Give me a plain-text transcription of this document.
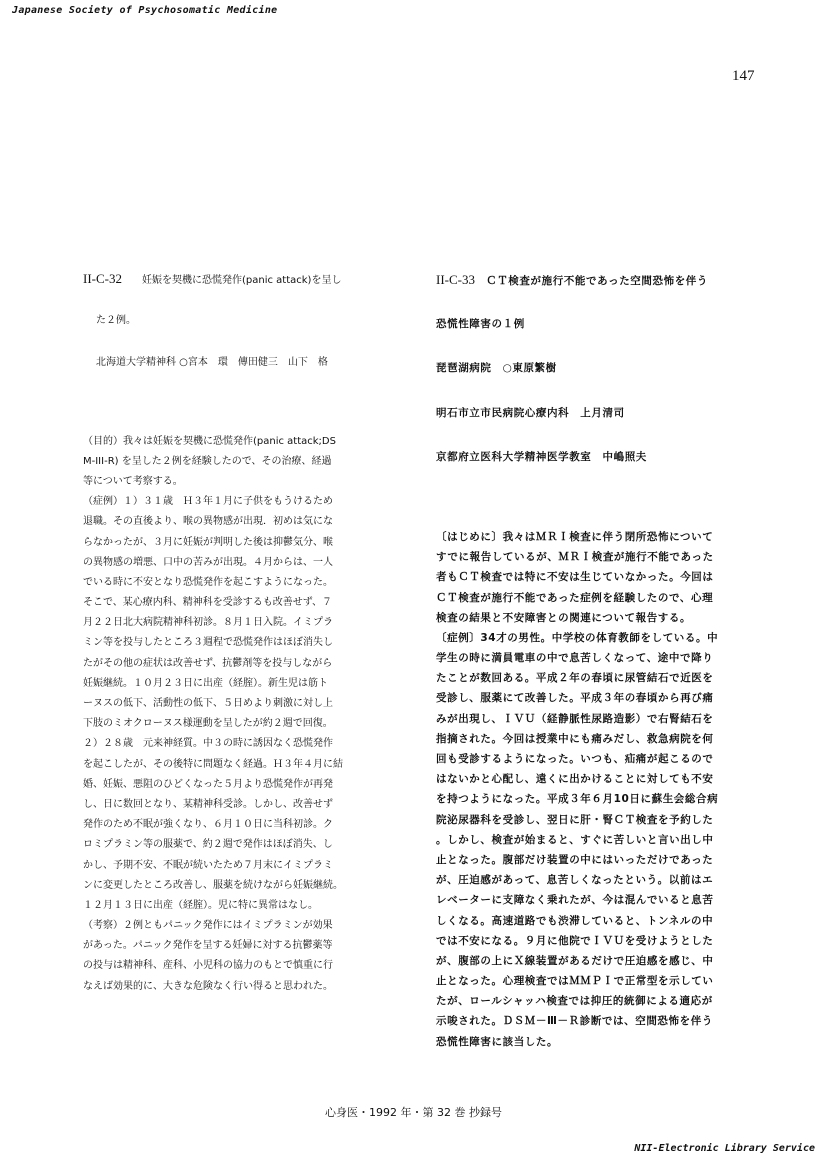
Japanese Society of Psychosomatic Medicine
147

II-C-32　　 妊娠を契機に恐慌発作(panic attack)を呈し

た２例。

北海道大学精神科 ○宮本　環　傳田健三　山下　格

（目的）我々は妊娠を契機に恐慌発作(panic attack;DS
M-III-R) を呈した２例を経験したので、その治療、経過
等について考察する。
（症例）１）３１歳　Ｈ３年１月に子供をもうけるため
退職。その直後より、喉の異物感が出現．初めは気にな
らなかったが、３月に妊娠が判明した後は抑鬱気分、喉
の異物感の増悪、口中の苦みが出現。４月からは、一人
でいる時に不安となり恐慌発作を起こすようになった。
そこで、某心療内科、精神科を受診するも改善せず、７
月２２日北大病院精神科初診。８月１日入院。イミプラ
ミン等を投与したところ３週程で恐慌発作はほぼ消失し
たがその他の症状は改善せず、抗鬱剤等を投与しながら
妊娠継続。１０月２３日に出産（経腟）。新生児は筋ト
ーヌスの低下、活動性の低下、５日めより刺激に対し上
下肢のミオクローヌス様運動を呈したが約２週で回復。
２）２８歳　元来神経質。中３の時に誘因なく恐慌発作
を起こしたが、その後特に問題なく経過。Ｈ３年４月に結
婚、妊娠、悪阻のひどくなった５月より恐慌発作が再発
し、日に数回となり、某精神科受診。しかし、改善せず
発作のため不眠が強くなり、６月１０日に当科初診。ク
ロミプラミン等の服薬で、約２週で発作はほぼ消失、し
かし、予期不安、不眠が続いたため７月末にイミプラミ
ンに変更したところ改善し、服薬を続けながら妊娠継続。
１２月１３日に出産（経腟）。児に特に異常はなし。
（考察）２例ともパニック発作にはイミプラミンが効果
があった。パニック発作を呈する妊婦に対する抗鬱薬等
の投与は精神科、産科、小児科の協力のもとで慎重に行
なえば効果的に、大きな危険なく行い得ると思われた。

II-C-33　 ＣＴ検査が施行不能であった空間恐怖を伴う

恐慌性障害の１例

琵琶湖病院　○東原繁樹

明石市立市民病院心療内科　上月清司

京都府立医科大学精神医学教室　中嶋照夫

〔はじめに〕我々はＭＲＩ検査に伴う閉所恐怖について
すでに報告しているが、ＭＲＩ検査が施行不能であった
者もＣＴ検査では特に不安は生じていなかった。今回は
ＣＴ検査が施行不能であった症例を経験したので、心理
検査の結果と不安障害との関連について報告する。
〔症例〕34才の男性。中学校の体育教師をしている。中
学生の時に満員電車の中で息苦しくなって、途中で降り
たことが数回ある。平成２年の春頃に尿管結石で近医を
受診し、服薬にて改善した。平成３年の春頃から再び痛
みが出現し、ＩＶＵ（経静脈性尿路造影）で右腎結石を
指摘された。今回は授業中にも痛みだし、救急病院を何
回も受診するようになった。いつも、疝痛が起こるので
はないかと心配し、遠くに出かけることに対しても不安
を持つようになった。平成３年６月10日に蘇生会総合病
院泌尿器科を受診し、翌日に肝・腎ＣＴ検査を予約した
。しかし、検査が始まると、すぐに苦しいと言い出し中
止となった。腹部だけ装置の中にはいっただけであった
が、圧迫感があって、息苦しくなったという。以前はエ
レベーターに支障なく乗れたが、今は混んでいると息苦
しくなる。高速道路でも渋滞していると、トンネルの中
では不安になる。９月に他院でＩＶＵを受けようとした
が、腹部の上にＸ線装置があるだけで圧迫感を感じ、中
止となった。心理検査ではＭＭＰＩで正常型を示してい
たが、ロールシャッハ検査では抑圧的統御による適応が
示唆された。ＤＳＭ－Ⅲ－Ｒ診断では、空間恐怖を伴う
恐慌性障害に該当した。

心身医・1992 年・第 32 巻 抄録号
NII-Electronic Library Service
